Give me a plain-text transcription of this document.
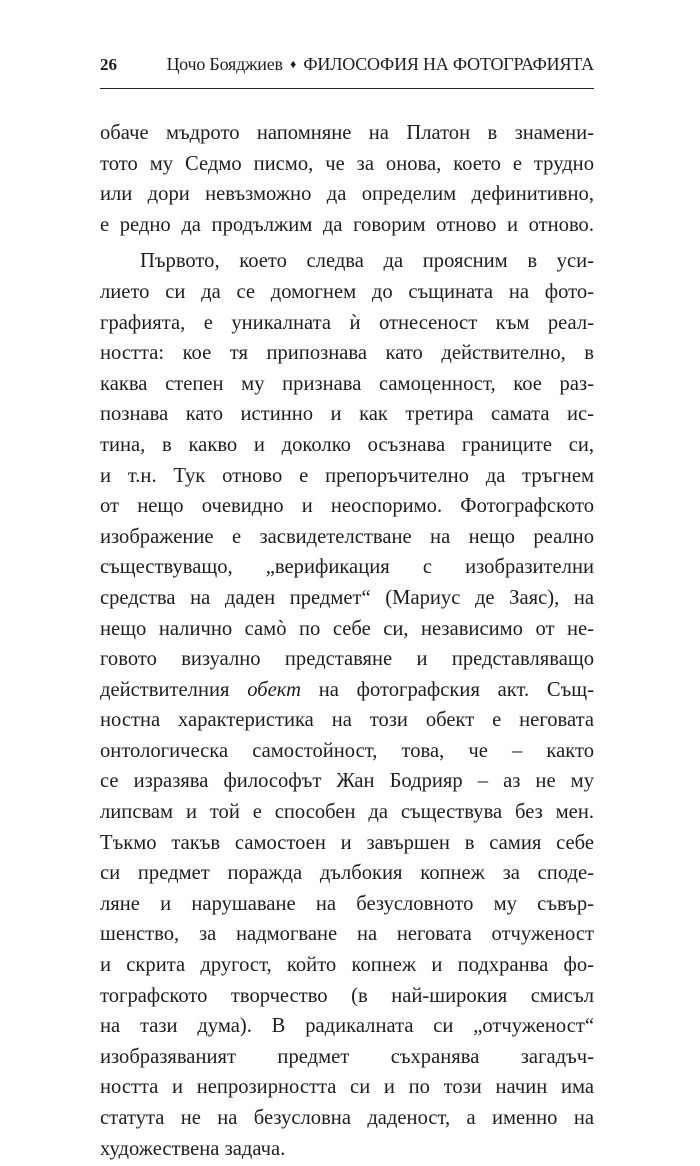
26	Цочо Бояджиев ♦ ФИЛОСОФИЯ НА ФОТОГРАФИЯТА
обаче мъдрото напомняне на Платон в знамени-
тото му Седмо писмо, че за онова, което е трудно
или дори невъзможно да определим дефинитивно,
е редно да продължим да говорим отново и отново.
Първото, което следва да проясним в уси-
лието си да се домогнем до същината на фото-
графията, е уникалната ѝ отнесеност към реал-
ността: кое тя припознава като действително, в
каква степен му признава самоценност, кое раз-
познава като истинно и как третира самата ис-
тина, в какво и доколко осъзнава границите си,
и т.н. Тук отново е препоръчително да тръгнем
от нещо очевидно и неоспоримо. Фотографското
изображение е засвидетелстване на нещо реално
съществуващо, „верификация с изобразителни
средства на даден предмет“ (Мариус де Заяс), на
нещо налично самò по себе си, независимо от не-
говото визуално представяне и представляващо
действителния обект на фотографския акт. Същ-
ностна характеристика на този обект е неговата
онтологическа самостойност, това, че – както
се изразява философът Жан Бодрияр – аз не му
липсвам и той е способен да съществува без мен.
Тъкмо такъв самостоен и завършен в самия себе
си предмет поражда дълбокия копнеж за споде-
ляне и нарушаване на безусловното му съвър-
шенство, за надмогване на неговата отчуженост
и скрита другост, който копнеж и подхранва фо-
тографското творчество (в най-широкия смисъл
на тази дума). В радикалната си „отчуженост“
изобразяваният предмет съхранява загадъч-
ността и непрозирността си и по този начин има
статута не на безусловна даденост, а именно на
художествена задача.
